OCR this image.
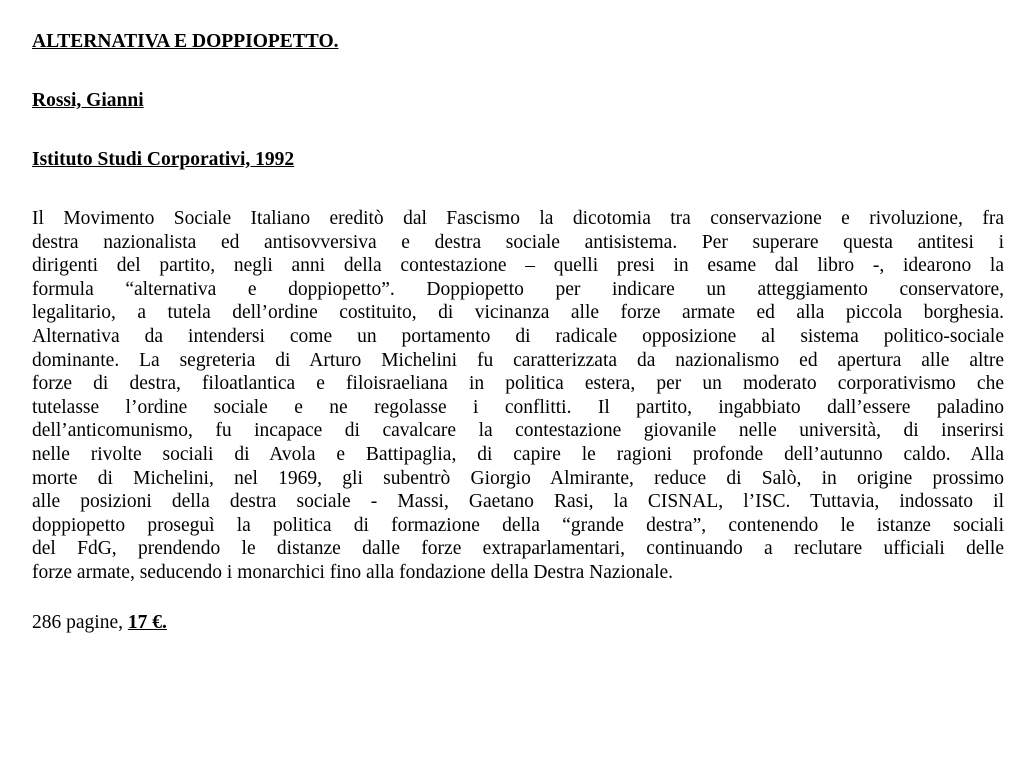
ALTERNATIVA E DOPPIOPETTO.

Rossi, Gianni

Istituto Studi Corporativi, 1992

Il Movimento Sociale Italiano ereditò dal Fascismo la dicotomia tra conservazione e rivoluzione, fra
destra nazionalista ed antisovversiva e destra sociale antisistema. Per superare questa antitesi i
dirigenti del partito, negli anni della contestazione – quelli presi in esame dal libro -, idearono la
formula “alternativa e doppiopetto”. Doppiopetto per indicare un atteggiamento conservatore,
legalitario, a tutela dell’ordine costituito, di vicinanza alle forze armate ed alla piccola borghesia.
Alternativa da intendersi come un portamento di radicale opposizione al sistema politico-sociale
dominante. La segreteria di Arturo Michelini fu caratterizzata da nazionalismo ed apertura alle altre
forze di destra, filoatlantica e filoisraeliana in politica estera, per un moderato corporativismo che
tutelasse l’ordine sociale e ne regolasse i conflitti. Il partito, ingabbiato dall’essere paladino
dell’anticomunismo, fu incapace di cavalcare la contestazione giovanile nelle università, di inserirsi
nelle rivolte sociali di Avola e Battipaglia, di capire le ragioni profonde dell’autunno caldo. Alla
morte di Michelini, nel 1969, gli subentrò Giorgio Almirante, reduce di Salò, in origine prossimo
alle posizioni della destra sociale - Massi, Gaetano Rasi, la CISNAL, l’ISC. Tuttavia, indossato il
doppiopetto proseguì la politica di formazione della “grande destra”, contenendo le istanze sociali
del FdG, prendendo le distanze dalle forze extraparlamentari, continuando a reclutare ufficiali delle
forze armate, seducendo i monarchici fino alla fondazione della Destra Nazionale.
286 pagine, 17 €.
